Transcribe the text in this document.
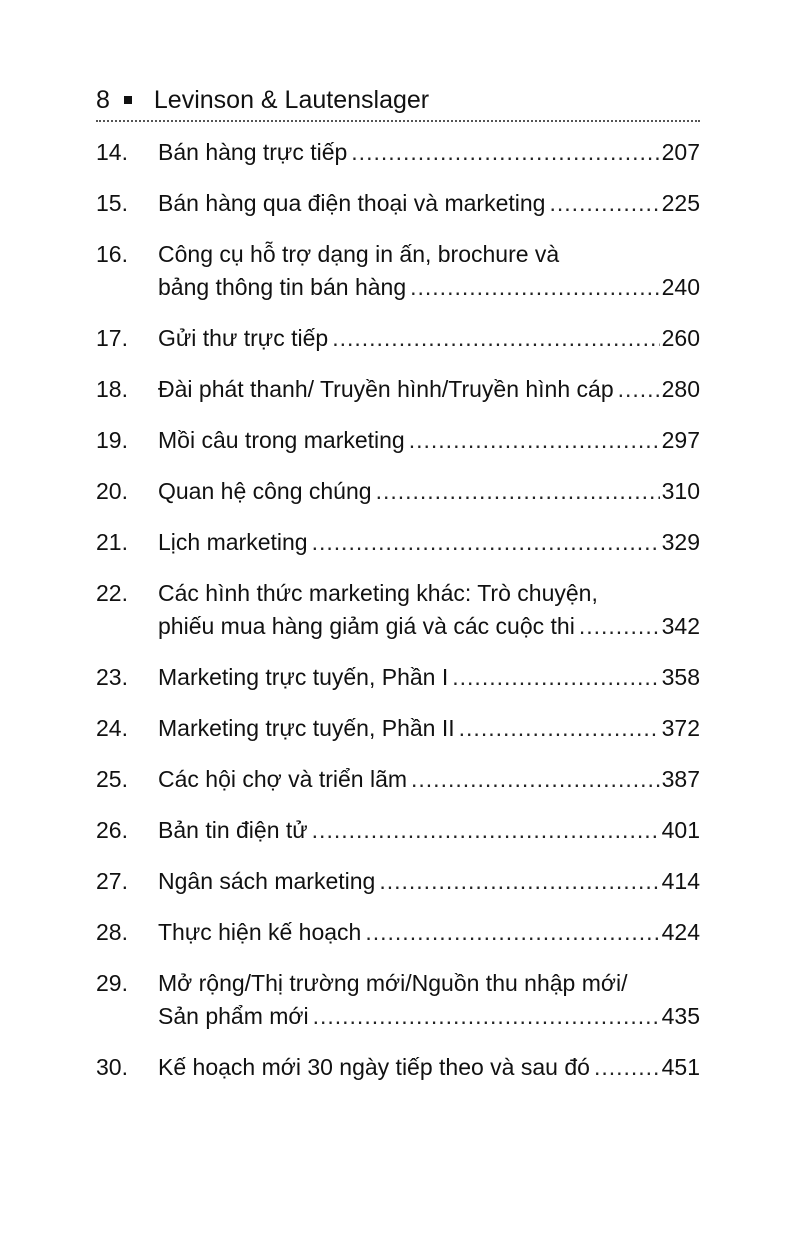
8 Levinson & Lautenslager
14.	Bán hàng trực tiếp .....	207
15.	Bán hàng qua điện thoại và marketing .....	225
16.	Công cụ hỗ trợ dạng in ấn, brochure và
bảng thông tin bán hàng .....	240
17.	Gửi thư trực tiếp .....	260
18.	Đài phát thanh/ Truyền hình/Truyền hình cáp ..... 280
19.	Mồi câu trong marketing .....	297
20.	Quan hệ công chúng .....	310
21.	Lịch marketing .....	329
22.	Các hình thức marketing khác: Trò chuyện,
phiếu mua hàng giảm giá và các cuộc thi .....	342
23.	Marketing trực tuyến, Phần I .....	358
24.	Marketing trực tuyến, Phần II .....	372
25.	Các hội chợ và triển lãm .....	387
26.	Bản tin điện tử .....	401
27.	Ngân sách marketing .....	414
28.	Thực hiện kế hoạch .....	424
29.	Mở rộng/Thị trường mới/Nguồn thu nhập mới/
Sản phẩm mới .....	435
30.	Kế hoạch mới 30 ngày tiếp theo và sau đó .....	451
